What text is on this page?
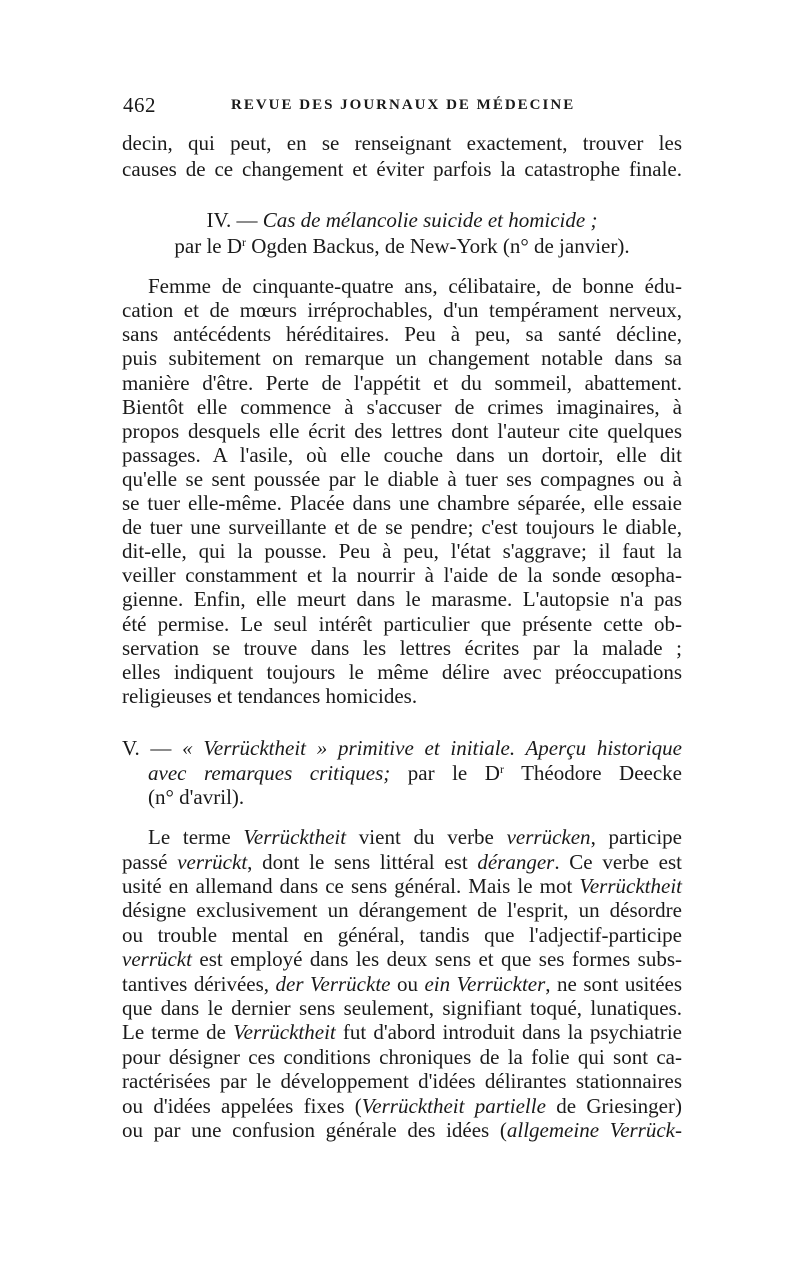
462	REVUE DES JOURNAUX DE MÉDECINE
decin, qui peut, en se renseignant exactement, trouver les
causes de ce changement et éviter parfois la catastrophe finale.
IV. — Cas de mélancolie suicide et homicide ;
par le $D^r$ Ogden Backus, de New-York (n° de janvier).
Femme de cinquante-quatre ans, célibataire, de bonne édu-
cation et de mœurs irréprochables, d'un tempérament nerveux,
sans antécédents héréditaires. Peu à peu, sa santé décline,
puis subitement on remarque un changement notable dans sa
manière d'être. Perte de l'appétit et du sommeil, abattement.
Bientôt elle commence à s'accuser de crimes imaginaires, à
propos desquels elle écrit des lettres dont l'auteur cite quelques
passages. A l'asile, où elle couche dans un dortoir, elle dit
qu'elle se sent poussée par le diable à tuer ses compagnes ou à
se tuer elle-même. Placée dans une chambre séparée, elle essaie
de tuer une surveillante et de se pendre; c'est toujours le diable,
dit-elle, qui la pousse. Peu à peu, l'état s'aggrave; il faut la
veiller constamment et la nourrir à l'aide de la sonde œsopha-
gienne. Enfin, elle meurt dans le marasme. L'autopsie n'a pas
été permise. Le seul intérêt particulier que présente cette ob-
servation se trouve dans les lettres écrites par la malade ;
elles indiquent toujours le même délire avec préoccupations
religieuses et tendances homicides.
V. — « Verrücktheit » primitive et initiale. Aperçu historique
avec remarques critiques; par le $D^r$ Théodore Deecke
(n° d'avril).
Le terme Verrücktheit vient du verbe verrücken, participe
passé verrückt, dont le sens littéral est déranger. Ce verbe est
usité en allemand dans ce sens général. Mais le mot Verrücktheit
désigne exclusivement un dérangement de l'esprit, un désordre
ou trouble mental en général, tandis que l'adjectif-participe
verrückt est employé dans les deux sens et que ses formes subs-
tantives dérivées, der Verrückte ou ein Verrückter, ne sont usitées
que dans le dernier sens seulement, signifiant toqué, lunatiques.
Le terme de Verrücktheit fut d'abord introduit dans la psychiatrie
pour désigner ces conditions chroniques de la folie qui sont ca-
ractérisées par le développement d'idées délirantes stationnaires
ou d'idées appelées fixes (Verrücktheit partielle de Griesinger)
ou par une confusion générale des idées (allgemeine Verrück-
